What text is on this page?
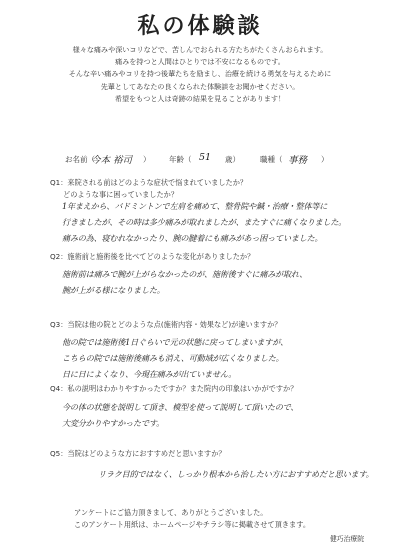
私の体験談
様々な痛みや深いコリなどで、苦しんでおられる方たちがたくさんおられます。
痛みを持つと人間はひとりでは不安になるものです。
そんな辛い痛みやコリを持つ後輩たちを励まし、治療を続ける勇気を与えるために
先輩としてあなたの良くなられた体験談をお聞かせください。
希望をもつと人は奇跡の結果を見ることがあります！
お名前（
今本 裕司 ） 年齢（ 51 歳）	職種（ 事務 ）
Q1：来院される前はどのような症状で悩まれていましたか？
どのような事に困っていましたか？
1年まえから、バドミントンで左肩を痛めて、整骨院や鍼・治療・整体等に
行きましたが、その時は多少痛みが取れましたが、またすぐに痛くなりました。
痛みの為、寝むれなかったり、腕の腱着にも痛みがあっ困っていました。
Q2：施術前と施術後を比べてどのような変化がありましたか？
施術前は痛みで腕が上がらなかったのが、施術後すぐに痛みが取れ、
腕が上がる様になりました。
Q3：当院は他の院とどのような点(施術内容・効果など)が違いますか？
他の院では施術後1日ぐらいで元の状態に戻ってしまいますが、
こちらの院では施術後痛みも消え、可動域が広くなりました。
日に日によくなり、今現在痛みが出ていません。
Q4：私の説明はわかりやすかったですか？また院内の印象はいかがですか？
今の体の状態を説明して頂き、模型を使って説明して頂いたので、
大変分かりやすかったです。
Q5：当院はどのような方におすすめだと思いますか？
リラク目的ではなく、しっかり根本から治したい方におすすめだと思います。
アンケートにご協力頂きまして、ありがとうございました。
このアンケート用紙は、ホームページやチラシ等に掲載させて頂きます。
健巧治療院
